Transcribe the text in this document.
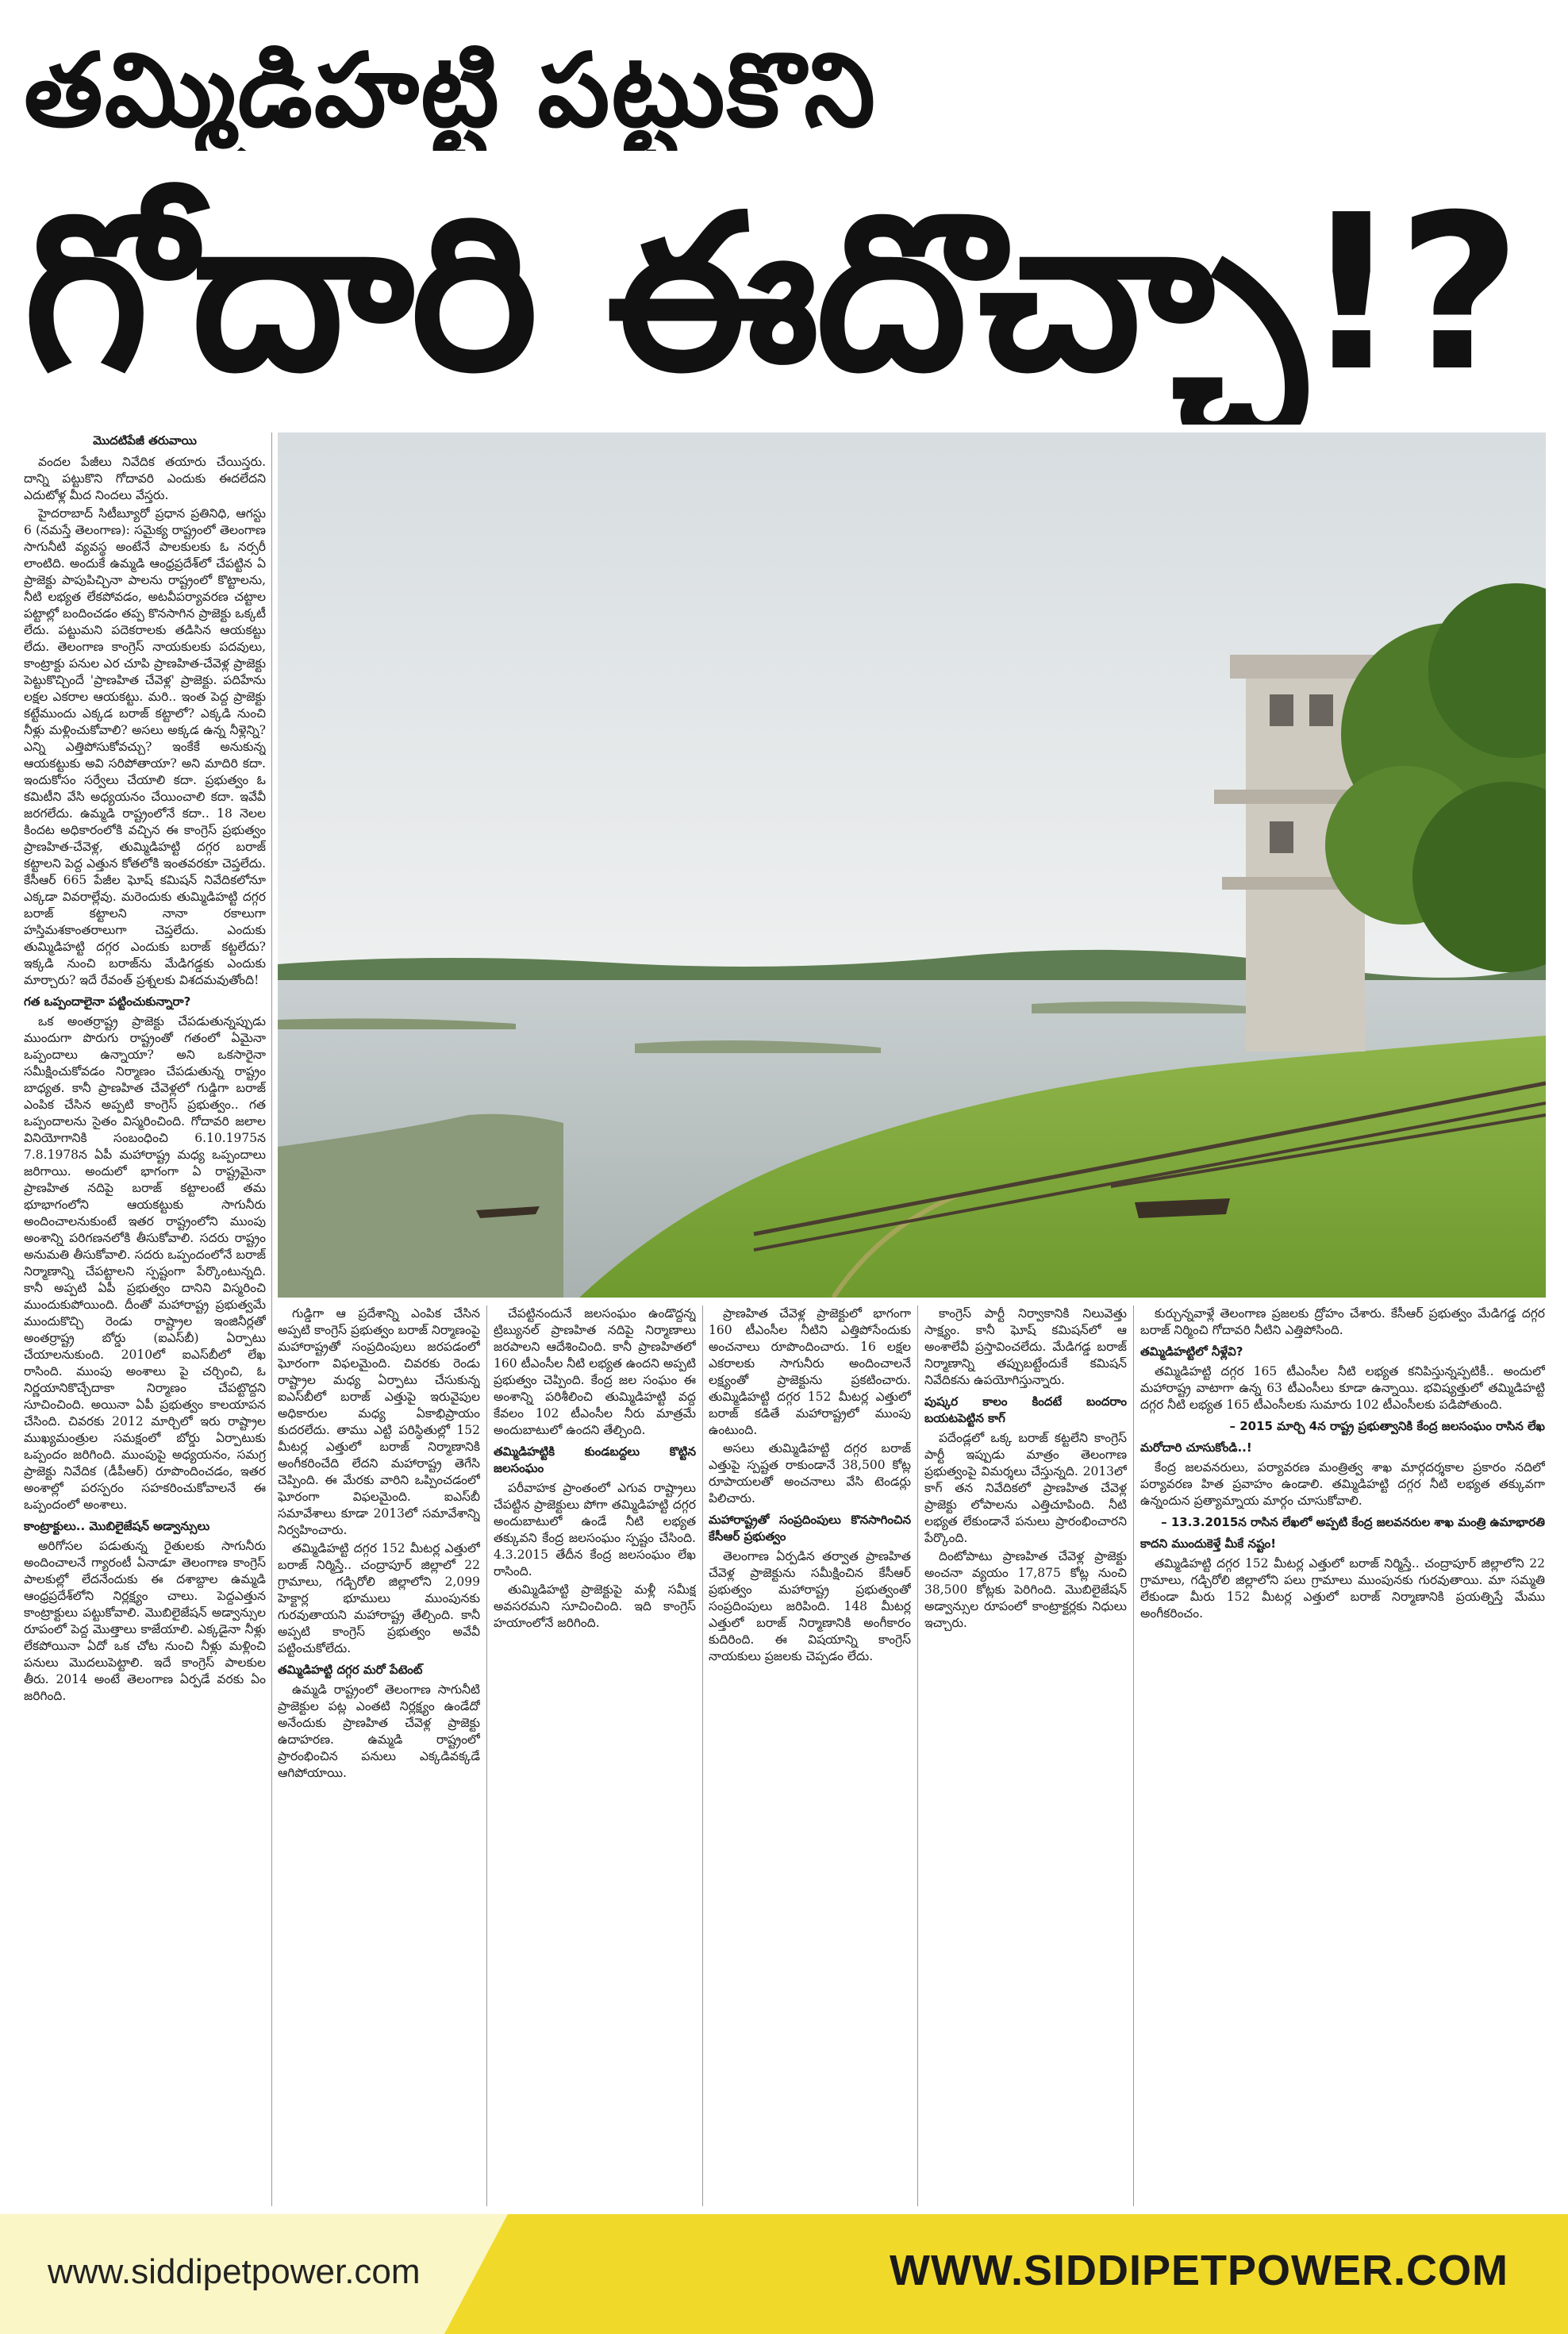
తమ్మిడిహట్టి పట్టుకొని
గోదారి ఈదొచ్చా!?
మొదటిపేజీ తరువాయి

వందల పేజీలు నివేదిక తయారు చేయిస్తరు. దాన్ని పట్టుకొని గోదావరి ఎందుకు ఈదలేదని ఎదుటోళ్ల మీద నిందలు వేస్తరు.

హైదరాబాద్ సిటీబ్యూరో ప్రధాన ప్రతినిధి, ఆగస్టు 6 (నమస్తే తెలంగాణ): సమైక్య రాష్ట్రంలో తెలంగాణ సాగునీటి వ్యవస్థ అంటేనే పాలకులకు ఓ నర్సరీ లాంటిది. అందుకే ఉమ్మడి ఆంధ్రప్రదేశ్‌లో చేపట్టిన ఏ ప్రాజెక్టు పాపుపిచ్చినా పాలను రాష్ట్రంలో కొట్టాలను, నీటి లభ్యత లేకపోవడం, అటవీపర్యావరణ చట్టాల పట్టాల్లో బందించడం తప్ప కొనసాగిన ప్రాజెక్టు ఒక్కటీ లేదు. పట్టుమని పదెకరాలకు తడిసిన ఆయకట్టు లేదు. తెలంగాణ కాంగ్రెస్ నాయకులకు పదవులు, కాంట్రాక్టు పనుల ఎర చూపి ప్రాణహిత-చేవెళ్ల ప్రాజెక్టు పెట్టుకొచ్చిందే 'ప్రాణహిత చేవెళ్ల' ప్రాజెక్టు. పదిహేను లక్షల ఎకరాల ఆయకట్టు. మరి.. ఇంత పెద్ద ప్రాజెక్టు కట్టేముందు ఎక్కడ బరాజ్ కట్టాలో? ఎక్కడి నుంచి నీళ్లు మళ్లించుకోవాలి? అసలు అక్కడ ఉన్న నీళ్లెన్ని? ఎన్ని ఎత్తిపోసుకోవచ్చు? ఇంకేకే అనుకున్న ఆయకట్టుకు అవి సరిపోతాయా? అని మాదిరి కదా. ఇందుకోసం సర్వేలు చేయాలి కదా. ప్రభుత్వం ఓ కమిటీని వేసి అధ్యయనం చేయించాలి కదా. ఇవేవీ జరగలేదు. ఉమ్మడి రాష్ట్రంలోనే కదా.. 18 నెలల కిందట అధికారంలోకి వచ్చిన ఈ కాంగ్రెస్ ప్రభుత్వం ప్రాణహిత-చేవెళ్ల, తుమ్మిడిహట్టి దగ్గర బరాజ్ కట్టాలని పెద్ద ఎత్తున కోతలోకి ఇంతవరకూ చెప్తలేదు. కేసీఆర్ 665 పేజీల ఘోష్ కమిషన్ నివేదికలోనూ ఎక్కడా వివరాల్లేవు. మరెందుకు తుమ్మిడిహట్టి దగ్గర బరాజ్ కట్టాలని నానా రకాలుగా హస్తిమశకాంతరాలుగా చెప్తలేదు. ఎందుకు తుమ్మిడిహట్టి దగ్గర ఎందుకు బరాజ్ కట్టలేదు? ఇక్కడి నుంచి బరాజ్‌ను మేడిగడ్డకు ఎందుకు మార్చారు? ఇదే రేవంత్ ప్రశ్నలకు విశదమవుతోంది!

గత ఒప్పందాలైనా పట్టించుకున్నారా?

ఒక అంతర్రాష్ట్ర ప్రాజెక్టు చేపడుతున్నప్పుడు ముందుగా పొరుగు రాష్ట్రంతో గతంలో ఏమైనా ఒప్పందాలు ఉన్నాయా? అని ఒకసారైనా సమీక్షించుకోవడం నిర్మాణం చేపడుతున్న రాష్ట్రం బాధ్యత. కానీ ప్రాణహిత చేవెళ్లలో గుడ్డిగా బరాజ్ ఎంపిక చేసిన అప్పటి కాంగ్రెస్ ప్రభుత్వం.. గత ఒప్పందాలను సైతం విస్మరించింది. గోదావరి జలాల వినియోగానికి సంబంధించి 6.10.1975న 7.8.1978న ఏపీ మహారాష్ట్ర మధ్య ఒప్పందాలు జరిగాయి. అందులో భాగంగా ఏ రాష్ట్రమైనా ప్రాణహిత నదిపై బరాజ్ కట్టాలంటే తమ భూభాగంలోని ఆయకట్టుకు సాగునీరు అందించాలనుకుంటే ఇతర రాష్ట్రంలోని ముంపు అంశాన్ని పరిగణనలోకి తీసుకోవాలి. సదరు రాష్ట్రం అనుమతి తీసుకోవాలి. సదరు ఒప్పందంలోనే బరాజ్ నిర్మాణాన్ని చేపట్టాలని స్పష్టంగా పేర్కొంటున్నది. కానీ అప్పటి ఏపీ ప్రభుత్వం దానిని విస్మరించి ముందుకుపోయింది. దీంతో మహారాష్ట్ర ప్రభుత్వమే ముందుకొచ్చి రెండు రాష్ట్రాల ఇంజినీర్లతో అంతర్రాష్ట్ర బోర్డు (ఐఎస్‌బీ) ఏర్పాటు చేయాలనుకుంది. 2010లో ఐఎస్‌బీలో లేఖ రాసింది. ముంపు అంశాలు పై చర్చించి, ఓ నిర్ణయానికొచ్చేదాకా నిర్మాణం చేపట్టొద్దని సూచించింది. అయినా ఏపీ ప్రభుత్వం కాలయాపన చేసింది. చివరకు 2012 మార్చిలో ఇరు రాష్ట్రాల ముఖ్యమంత్రుల సమక్షంలో బోర్డు ఏర్పాటుకు ఒప్పందం జరిగింది. ముంపుపై అధ్యయనం, సమగ్ర ప్రాజెక్టు నివేదిక (డీపీఆర్) రూపొందించడం, ఇతర అంశాల్లో పరస్పరం సహకరించుకోవాలనే ఈ ఒప్పందంలో అంశాలు.

కాంట్రాక్టులు.. మొబిలైజేషన్ అడ్వాన్సులు

అరిగోసల పడుతున్న రైతులకు సాగునీరు అందించాలనే గ్యారంటీ ఏనాడూ తెలంగాణ కాంగ్రెస్ పాలకుల్లో లేదనేందుకు ఈ దశాబ్దాల ఉమ్మడి ఆంధ్రప్రదేశ్‌లోని నిర్లక్ష్యం చాలు. పెద్దఎత్తున కాంట్రాక్టులు పట్టుకోవాలి. మొబిలైజేషన్ అడ్వాన్సుల రూపంలో పెద్ద మొత్తాలు కాజేయాలి. ఎక్కడైనా నీళ్లు లేకపోయినా ఏదో ఒక చోట నుంచి నీళ్లు మళ్లించి పనులు మొదలుపెట్టాలి. ఇదే కాంగ్రెస్ పాలకుల తీరు. 2014 అంటే తెలంగాణ ఏర్పడే వరకు ఏం జరిగింది.

గుడ్డిగా ఆ ప్రదేశాన్ని ఎంపిక చేసిన అప్పటి కాంగ్రెస్ ప్రభుత్వం బరాజ్ నిర్మాణంపై మహారాష్ట్రతో సంప్రదింపులు జరపడంలో ఘోరంగా విఫలమైంది. చివరకు రెండు రాష్ట్రాల మధ్య ఏర్పాటు చేసుకున్న ఐఎస్‌బీలో బరాజ్ ఎత్తుపై ఇరువైపుల అధికారుల మధ్య ఏకాభిప్రాయం కుదరలేదు. తాము ఎట్టి పరిస్థితుల్లో 152 మీటర్ల ఎత్తులో బరాజ్ నిర్మాణానికి అంగీకరించేది లేదని మహారాష్ట్ర తెగేసి చెప్పింది. ఈ మేరకు వారిని ఒప్పించడంలో ఘోరంగా విఫలమైంది. ఐఎస్‌బీ సమావేశాలు కూడా 2013లో సమావేశాన్ని నిర్వహించారు.

తమ్మిడిహట్టి దగ్గర 152 మీటర్ల ఎత్తులో బరాజ్ నిర్మిస్తే.. చంద్రాపూర్ జిల్లాలో 22 గ్రామాలు, గడ్చిరోలి జిల్లాలోని 2,099 హెక్టార్ల భూములు ముంపునకు గురవుతాయని మహారాష్ట్ర తేల్చింది. కానీ అప్పటి కాంగ్రెస్ ప్రభుత్వం అవేవీ పట్టించుకోలేదు.

తమ్మిడిహట్టి దగ్గర మరో పేటెంట్

ఉమ్మడి రాష్ట్రంలో తెలంగాణ సాగునీటి ప్రాజెక్టుల పట్ల ఎంతటి నిర్లక్ష్యం ఉండేదో అనేందుకు ప్రాణహిత చేవెళ్ల ప్రాజెక్టు ఉదాహరణ. ఉమ్మడి రాష్ట్రంలో ప్రారంభించిన పనులు ఎక్కడివక్కడే ఆగిపోయాయి.

చేపట్టినందునే జలసంఘం ఉండొద్దన్న ట్రిబ్యునల్ ప్రాణహిత నదిపై నిర్మాణాలు జరపాలని ఆదేశించింది. కానీ ప్రాణహితలో 160 టీఎంసీల నీటి లభ్యత ఉందని అప్పటి ప్రభుత్వం చెప్పింది. కేంద్ర జల సంఘం ఈ అంశాన్ని పరిశీలించి తుమ్మిడిహట్టి వద్ద కేవలం 102 టీఎంసీల నీరు మాత్రమే అందుబాటులో ఉందని తేల్చింది.

తమ్మిడిహట్టికి కుండబద్దలు కొట్టిన జలసంఘం

పరీవాహక ప్రాంతంలో ఎగువ రాష్ట్రాలు చేపట్టిన ప్రాజెక్టులు పోగా తమ్మిడిహట్టి దగ్గర అందుబాటులో ఉండే నీటి లభ్యత తక్కువని కేంద్ర జలసంఘం స్పష్టం చేసింది. 4.3.2015 తేదీన కేంద్ర జలసంఘం లేఖ రాసింది.

తుమ్మిడిహట్టి ప్రాజెక్టుపై మళ్లీ సమీక్ష అవసరమని సూచించింది. ఇది కాంగ్రెస్ హయాంలోనే జరిగింది.

ప్రాణహిత చేవెళ్ల ప్రాజెక్టులో భాగంగా 160 టీఎంసీల నీటిని ఎత్తిపోసేందుకు అంచనాలు రూపొందించారు. 16 లక్షల ఎకరాలకు సాగునీరు అందించాలనే లక్ష్యంతో ప్రాజెక్టును ప్రకటించారు. తుమ్మిడిహట్టి దగ్గర 152 మీటర్ల ఎత్తులో బరాజ్ కడితే మహారాష్ట్రలో ముంపు ఉంటుంది.

అసలు తుమ్మిడిహట్టి దగ్గర బరాజ్ ఎత్తుపై స్పష్టత రాకుండానే 38,500 కోట్ల రూపాయలతో అంచనాలు వేసి టెండర్లు పిలిచారు.

మహారాష్ట్రతో సంప్రదింపులు కొనసాగించిన కేసీఆర్ ప్రభుత్వం

తెలంగాణ ఏర్పడిన తర్వాత ప్రాణహిత చేవెళ్ల ప్రాజెక్టును సమీక్షించిన కేసీఆర్ ప్రభుత్వం మహారాష్ట్ర ప్రభుత్వంతో సంప్రదింపులు జరిపింది. 148 మీటర్ల ఎత్తులో బరాజ్ నిర్మాణానికి అంగీకారం కుదిరింది. ఈ విషయాన్ని కాంగ్రెస్ నాయకులు ప్రజలకు చెప్పడం లేదు.

కాంగ్రెస్ పార్టీ నిర్వాకానికి నిలువెత్తు సాక్ష్యం. కానీ ఘోష్ కమిషన్‌లో ఆ అంశాలేవీ ప్రస్తావించలేదు. మేడిగడ్డ బరాజ్ నిర్మాణాన్ని తప్పుబట్టేందుకే కమిషన్ నివేదికను ఉపయోగిస్తున్నారు.

పుష్కర కాలం కిందటే బందరాం బయటపెట్టిన కాగ్

పదేండ్లలో ఒక్క బరాజ్ కట్టలేని కాంగ్రెస్ పార్టీ ఇప్పుడు మాత్రం తెలంగాణ ప్రభుత్వంపై విమర్శలు చేస్తున్నది. 2013లో కాగ్ తన నివేదికలో ప్రాణహిత చేవెళ్ల ప్రాజెక్టు లోపాలను ఎత్తిచూపింది. నీటి లభ్యత లేకుండానే పనులు ప్రారంభించారని పేర్కొంది.

దింటోపాటు ప్రాణహిత చేవెళ్ల ప్రాజెక్టు అంచనా వ్యయం 17,875 కోట్ల నుంచి 38,500 కోట్లకు పెరిగింది. మొబిలైజేషన్ అడ్వాన్సుల రూపంలో కాంట్రాక్టర్లకు నిధులు ఇచ్చారు.

కుర్చున్నవాళ్లే తెలంగాణ ప్రజలకు ద్రోహం చేశారు. కేసీఆర్ ప్రభుత్వం మేడిగడ్డ దగ్గర బరాజ్ నిర్మించి గోదావరి నీటిని ఎత్తిపోసింది.

తమ్మిడిహట్టిలో నీళ్లేవి?

తమ్మిడిహట్టి దగ్గర 165 టీఎంసీల నీటి లభ్యత కనిపిస్తున్నప్పటికీ.. అందులో మహారాష్ట్ర వాటాగా ఉన్న 63 టీఎంసీలు కూడా ఉన్నాయి. భవిష్యత్తులో తమ్మిడిహట్టి దగ్గర నీటి లభ్యత 165 టీఎంసీలకు సుమారు 102 టీఎంసీలకు పడిపోతుంది.

– 2015 మార్చి 4న రాష్ట్ర ప్రభుత్వానికి కేంద్ర జలసంఘం రాసిన లేఖ
మరోదారి చూసుకోండి..!

కేంద్ర జలవనరులు, పర్యావరణ మంత్రిత్వ శాఖ మార్గదర్శకాల ప్రకారం నదిలో పర్యావరణ హిత ప్రవాహం ఉండాలి. తమ్మిడిహట్టి దగ్గర నీటి లభ్యత తక్కువగా ఉన్నందున ప్రత్యామ్నాయ మార్గం చూసుకోవాలి.

– 13.3.2015న రాసిన లేఖలో అప్పటి కేంద్ర జలవనరుల శాఖ మంత్రి ఉమాభారతి
కాదని ముందుకెళ్తే మీకే నష్టం!

తమ్మిడిహట్టి దగ్గర 152 మీటర్ల ఎత్తులో బరాజ్ నిర్మిస్తే.. చంద్రాపూర్ జిల్లాలోని 22 గ్రామాలు, గడ్చిరోలి జిల్లాలోని పలు గ్రామాలు ముంపునకు గురవుతాయి. మా సమ్మతి లేకుండా మీరు 152 మీటర్ల ఎత్తులో బరాజ్ నిర్మాణానికి ప్రయత్నిస్తే మేము అంగీకరించం.

www.siddipetpower.com	WWW.SIDDIPETPOWER.COM
